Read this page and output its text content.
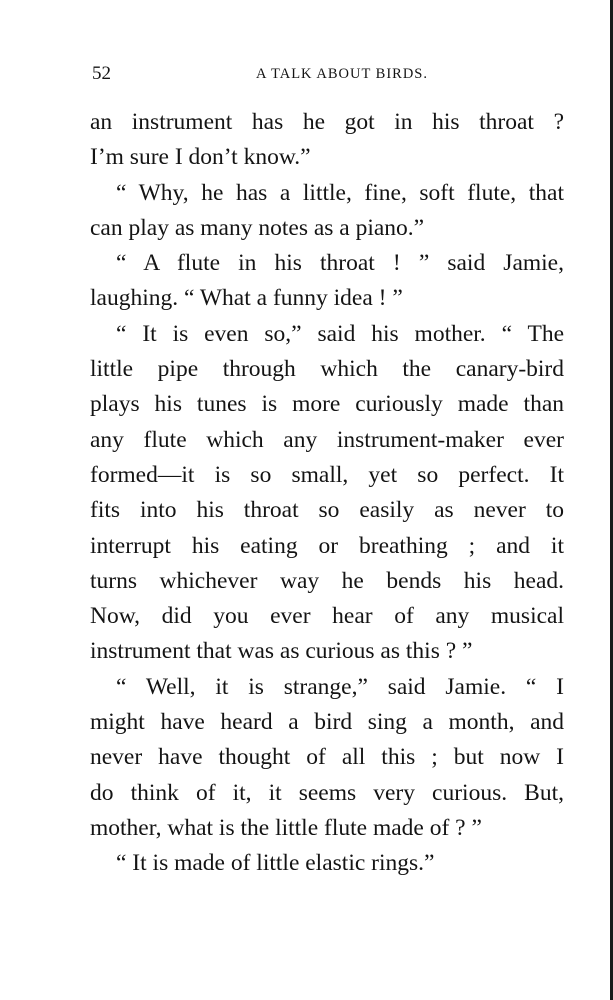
52	A TALK ABOUT BIRDS.
an instrument has he got in his throat ?
I’m sure I don’t know.”
“ Why, he has a little, fine, soft flute, that
can play as many notes as a piano.”
“ A flute in his throat ! ” said Jamie,
laughing. “ What a funny idea ! ”
“ It is even so,” said his mother. “ The
little pipe through which the canary-bird
plays his tunes is more curiously made than
any flute which any instrument-maker ever
formed—it is so small, yet so perfect. It
fits into his throat so easily as never to
interrupt his eating or breathing ; and it
turns whichever way he bends his head.
Now, did you ever hear of any musical
instrument that was as curious as this ? ”
“ Well, it is strange,” said Jamie. “ I
might have heard a bird sing a month, and
never have thought of all this ; but now I
do think of it, it seems very curious. But,
mother, what is the little flute made of ? ”
“ It is made of little elastic rings.”
